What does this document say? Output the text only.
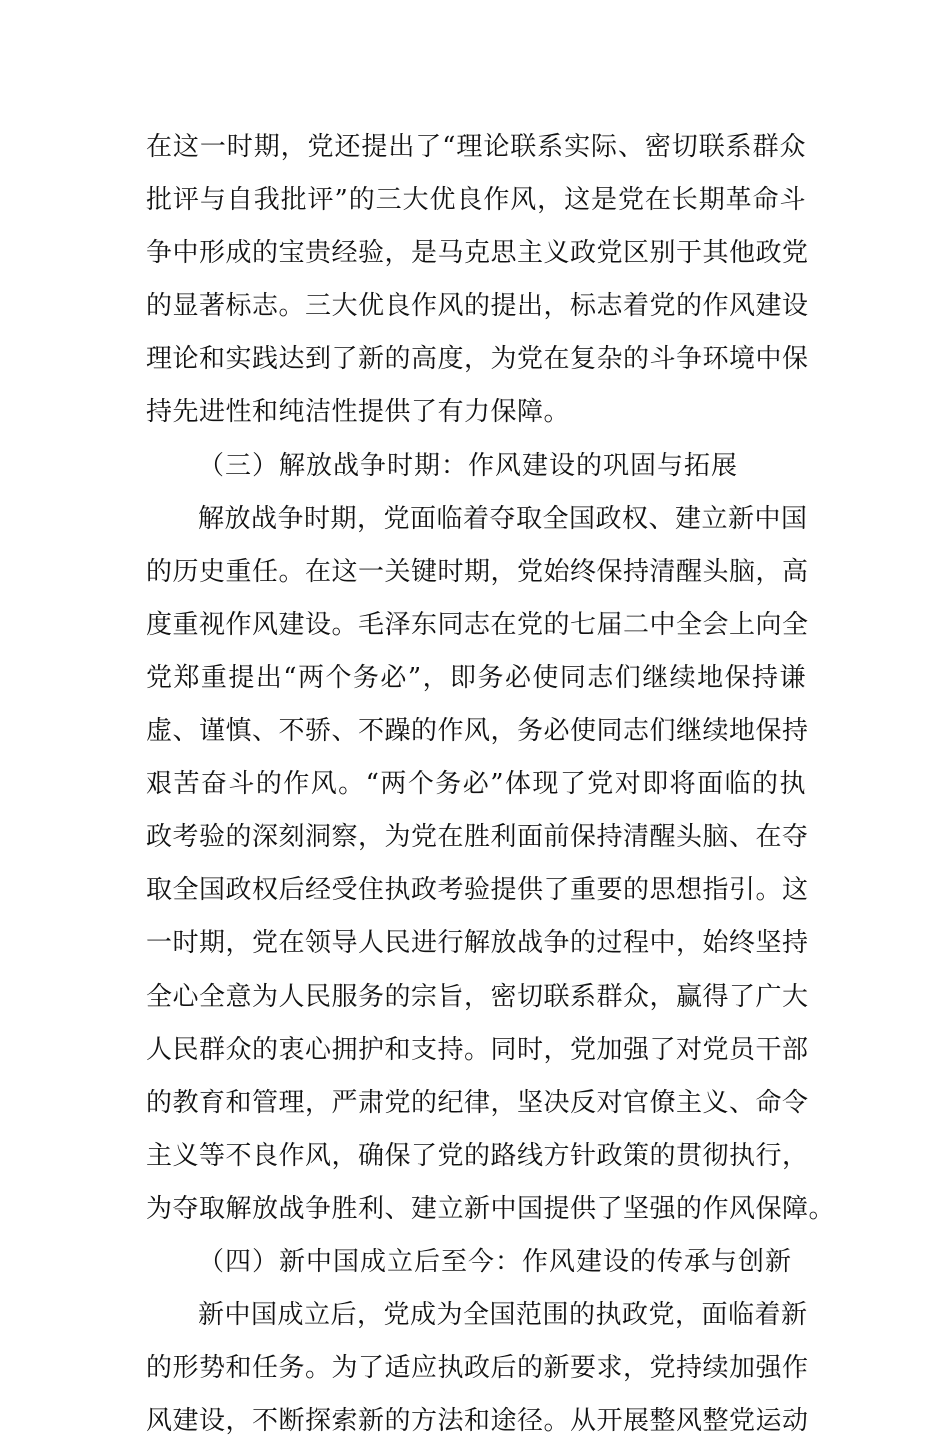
在这一时期，党还提出了“理论联系实际、密切联系群众
批评与自我批评”的三大优良作风，这是党在长期革命斗
争中形成的宝贵经验，是马克思主义政党区别于其他政党
的显著标志。三大优良作风的提出，标志着党的作风建设
理论和实践达到了新的高度，为党在复杂的斗争环境中保
持先进性和纯洁性提供了有力保障。
（三）解放战争时期：作风建设的巩固与拓展
解放战争时期，党面临着夺取全国政权、建立新中国
的历史重任。在这一关键时期，党始终保持清醒头脑，高
度重视作风建设。毛泽东同志在党的七届二中全会上向全
党郑重提出“两个务必”，即务必使同志们继续地保持谦
虚、谨慎、不骄、不躁的作风，务必使同志们继续地保持
艰苦奋斗的作风。“两个务必”体现了党对即将面临的执
政考验的深刻洞察，为党在胜利面前保持清醒头脑、在夺
取全国政权后经受住执政考验提供了重要的思想指引。这
一时期，党在领导人民进行解放战争的过程中，始终坚持
全心全意为人民服务的宗旨，密切联系群众，赢得了广大
人民群众的衷心拥护和支持。同时，党加强了对党员干部
的教育和管理，严肃党的纪律，坚决反对官僚主义、命令
主义等不良作风，确保了党的路线方针政策的贯彻执行，
为夺取解放战争胜利、建立新中国提供了坚强的作风保障。
（四）新中国成立后至今：作风建设的传承与创新
新中国成立后，党成为全国范围的执政党，面临着新
的形势和任务。为了适应执政后的新要求，党持续加强作
风建设，不断探索新的方法和途径。从开展整风整党运动
